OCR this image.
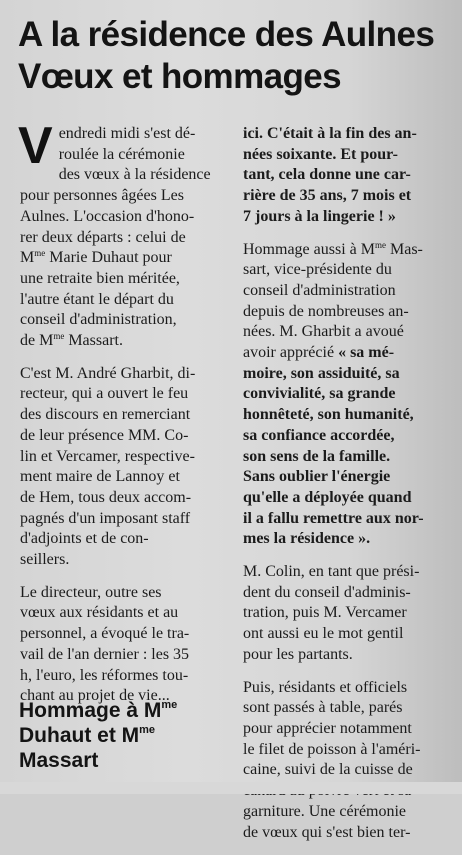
A la résidence des Aulnes
Vœux et hommages
V endredi midi s'est dé-
roulée la cérémonie
des vœux à la résidence
pour personnes âgées Les
Aulnes. L'occasion d'hono-
rer deux départs : celui de
$M^{me}$ Marie Duhaut pour
une retraite bien méritée,
l'autre étant le départ du
conseil d'administration,
de $M^{me}$ Massart.
C'est M. André Gharbit, di-
recteur, qui a ouvert le feu
des discours en remerciant
de leur présence MM. Co-
lin et Vercamer, respective-
ment maire de Lannoy et
de Hem, tous deux accom-
pagnés d'un imposant staff
d'adjoints et de con-
seillers.
Le directeur, outre ses
vœux aux résidants et au
personnel, a évoqué le tra-
vail de l'an dernier : les 35
h, l'euro, les réformes tou-
chant au projet de vie...
Hommage à $M^{me}$
Duhaut et $M^{me}$
Massart
ici. C'était à la fin des an-
nées soixante. Et pour-
tant, cela donne une car-
rière de 35 ans, 7 mois et
7 jours à la lingerie ! »
Hommage aussi à $M^{me}$ Mas-
sart, vice-présidente du
conseil d'administration
depuis de nombreuses an-
nées. M. Gharbit a avoué
avoir apprécié « sa mé-
moire, son assiduité, sa
convivialité, sa grande
honnêteté, son humanité,
sa confiance accordée,
son sens de la famille.
Sans oublier l'énergie
qu'elle a déployée quand
il a fallu remettre aux nor-
mes la résidence ».
M. Colin, en tant que prési-
dent du conseil d'adminis-
tration, puis M. Vercamer
ont aussi eu le mot gentil
pour les partants.
Puis, résidants et officiels
sont passés à table, parés
pour apprécier notamment
le filet de poisson à l'améri-
caine, suivi de la cuisse de
garniture. Une cérémonie
de vœux qui s'est bien ter-
